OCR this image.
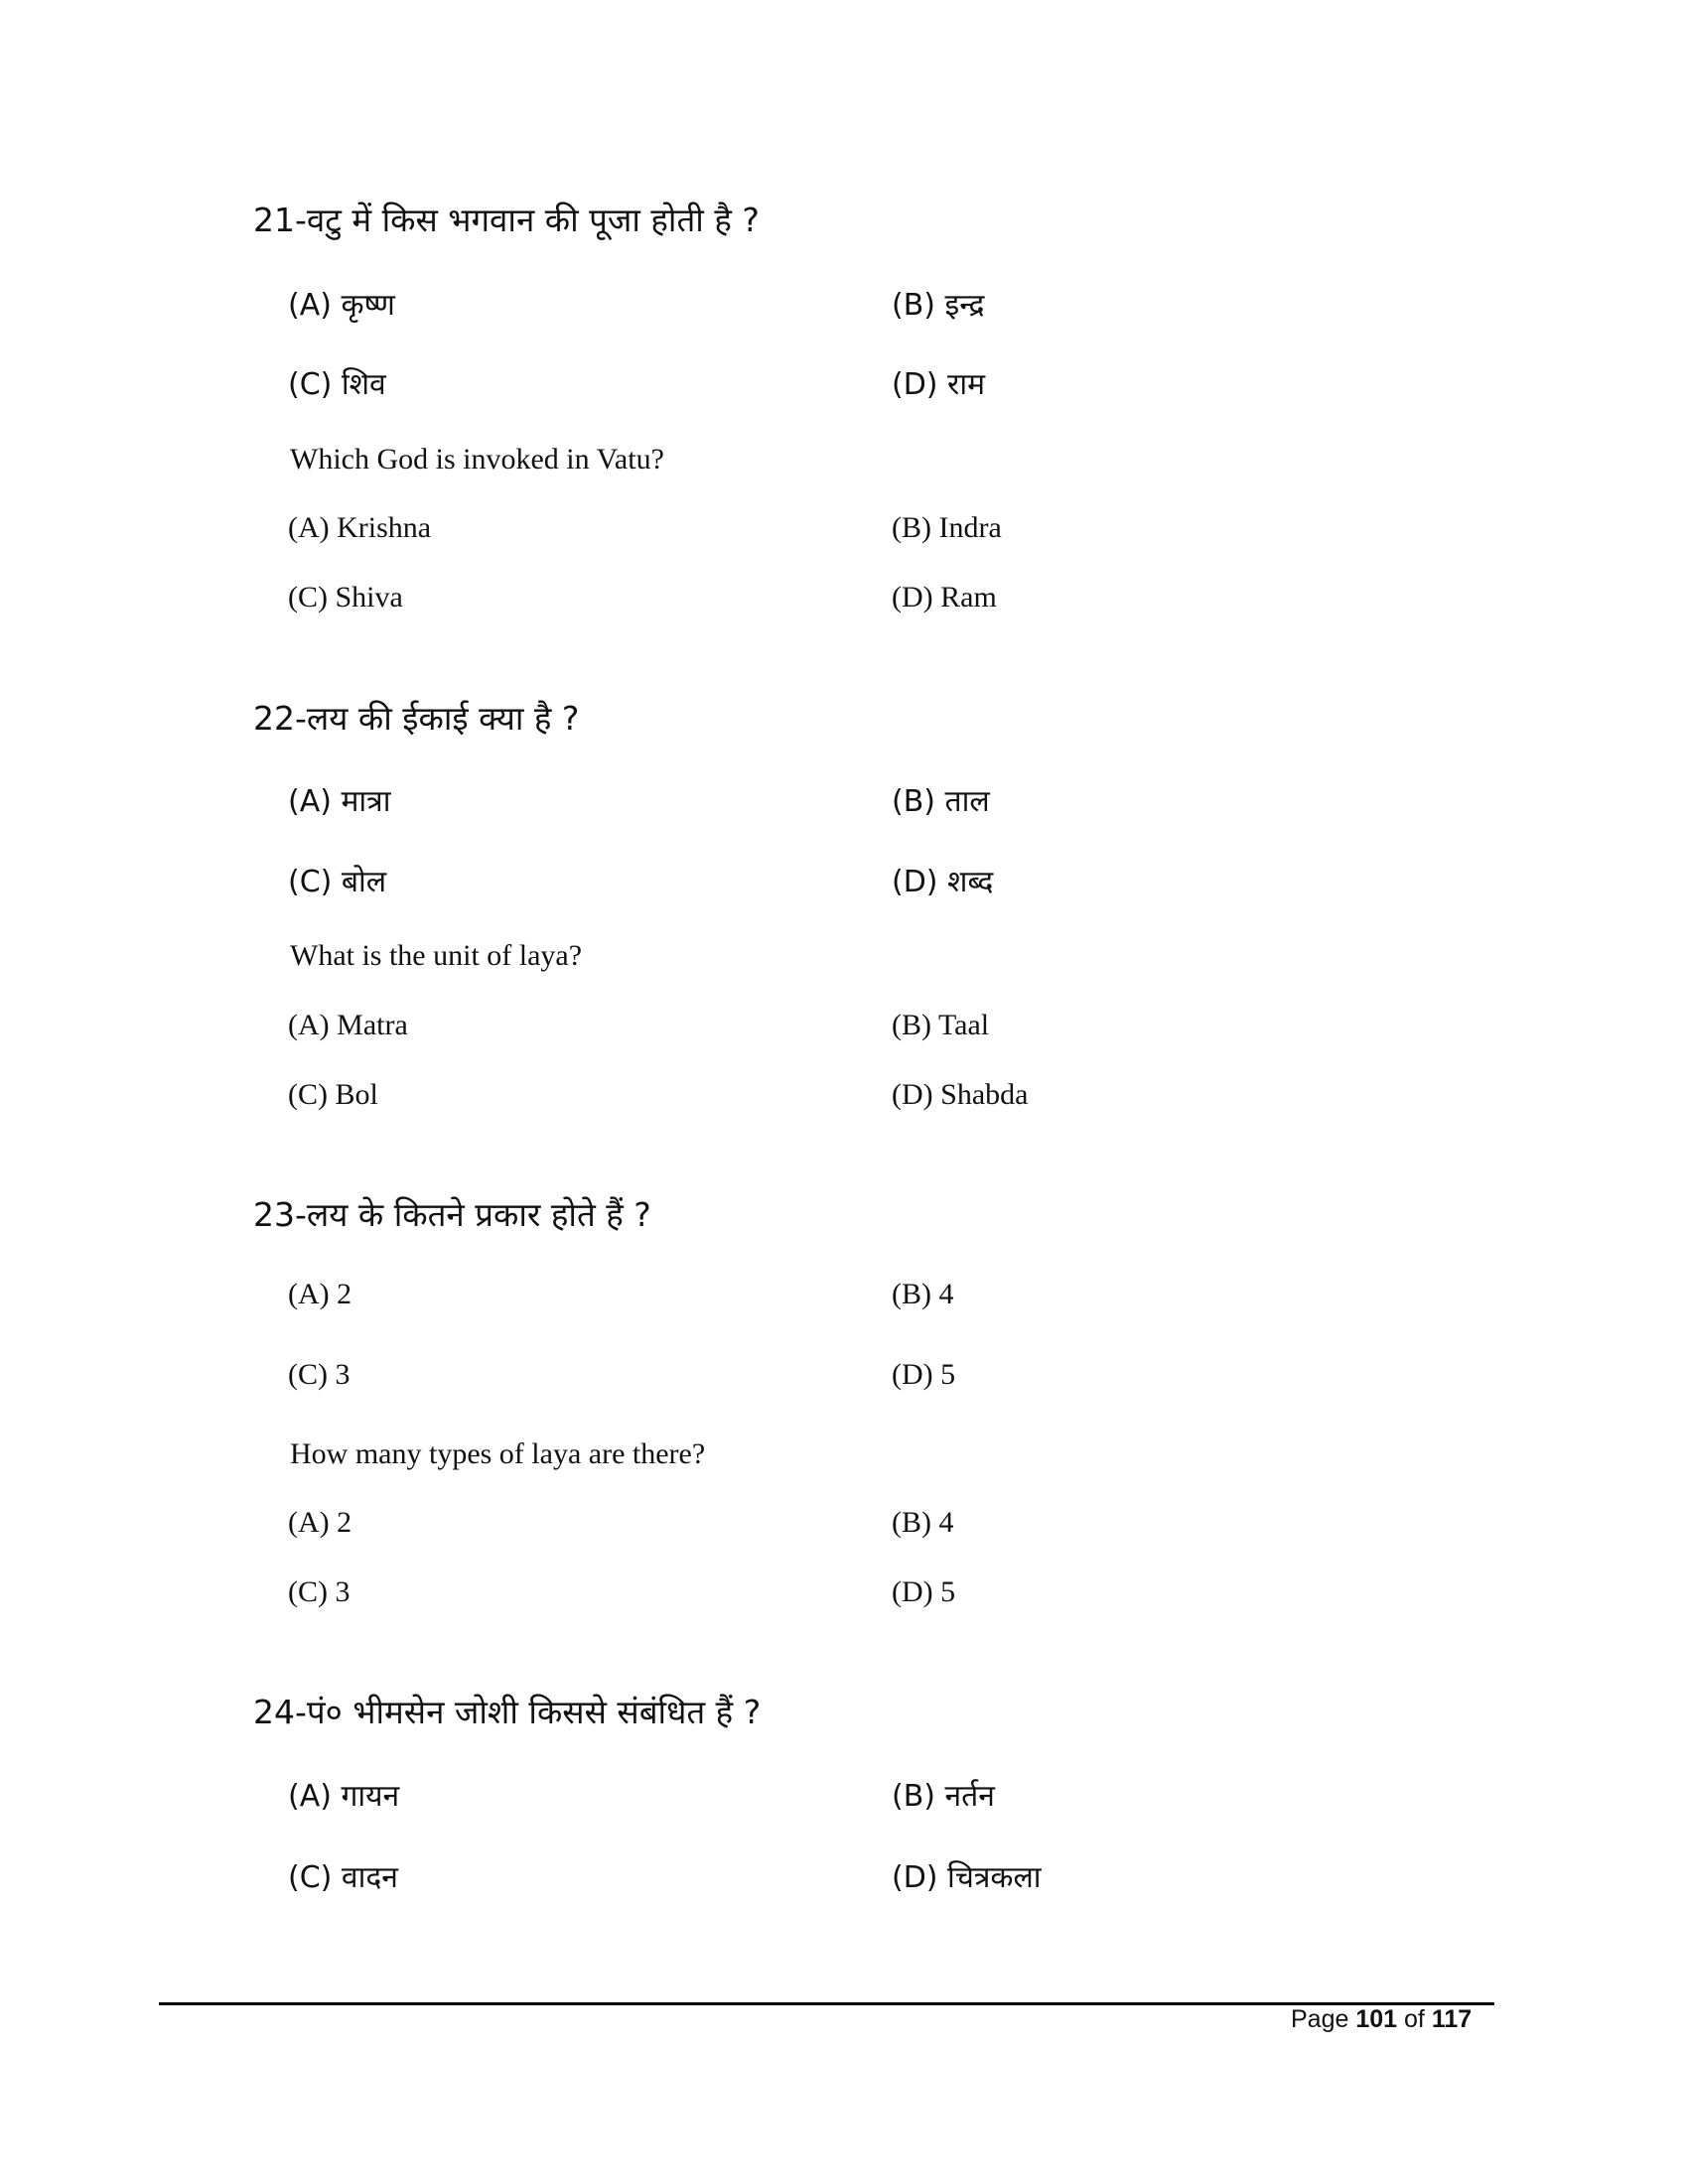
21-वटु में किस भगवान की पूजा होती है ?
(A) कृष्ण	(B) इन्द्र
(C) शिव	(D) राम
Which God is invoked in Vatu?
(A) Krishna	(B) Indra
(C) Shiva	(D) Ram
22-लय की ईकाई क्या है ?
(A) मात्रा	(B) ताल
(C) बोल	(D) शब्द
What is the unit of laya?
(A) Matra	(B) Taal
(C) Bol	(D) Shabda
23-लय के कितने प्रकार होते हैं ?
(A) 2	(B) 4
(C) 3	(D) 5
How many types of laya are there?
(A) 2	(B) 4
(C) 3	(D) 5
24-पं० भीमसेन जोशी किससे संबंधित हैं ?
(A) गायन	(B) नर्तन
(C) वादन	(D) चित्रकला
Page 101 of 117
